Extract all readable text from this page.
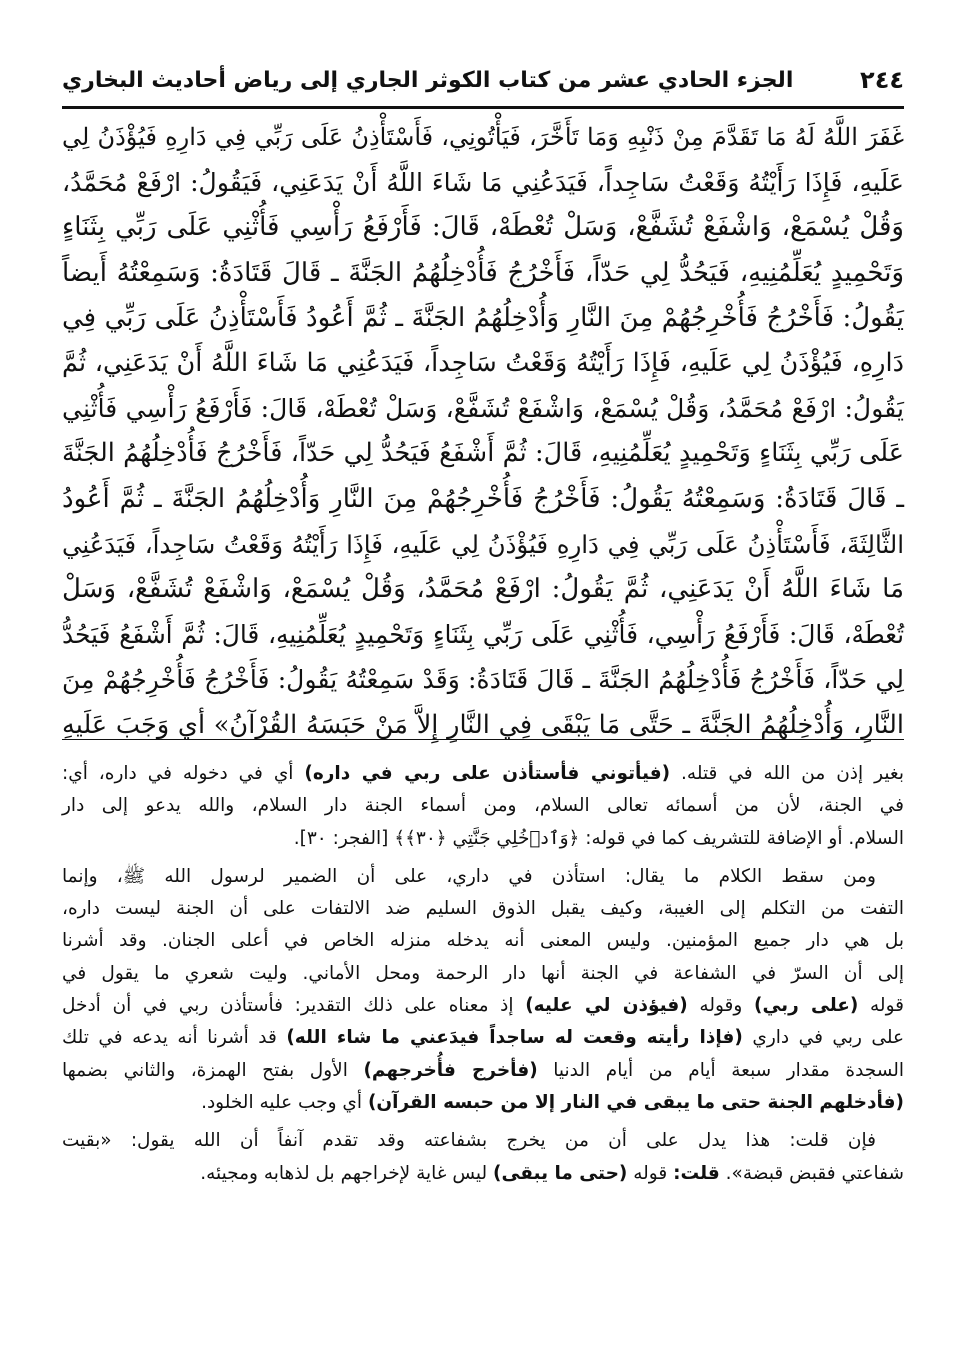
٢٤٤
الجزء الحادي عشر من كتاب الكوثر الجاري إلى رياض أحاديث البخاري
غَفَرَ اللَّهُ لَهُ مَا تَقَدَّمَ مِنْ ذَنْبِهِ وَمَا تَأَخَّرَ، فَيَأْتُونِي، فَأَسْتَأْذِنُ عَلَى رَبِّي فِي دَارِهِ فَيُؤْذَنُ لِي
عَلَيهِ، فَإِذَا رَأَيْتُهُ وَقَعْتُ سَاجِداً، فَيَدَعُنِي مَا شَاءَ اللَّهُ أَنْ يَدَعَنِي، فَيَقُولُ: ارْفَعْ مُحَمَّدُ،
وَقُلْ يُسْمَعْ، وَاشْفَعْ تُشَفَّعْ، وَسَلْ تُعْطَهْ، قَالَ: فَأَرْفَعُ رَأْسِي فَأُثْنِي عَلَى رَبِّي بِثَنَاءٍ
وَتَحْمِيدٍ يُعَلِّمُنِيهِ، فَيَحُدُّ لِي حَدّاً، فَأَخْرُجُ فَأُدْخِلُهُمُ الجَنَّةَ ـ قَالَ قَتَادَةُ: وَسَمِعْتُهُ أَيضاً
يَقُولُ: فَأَخْرُجُ فَأُخْرِجُهُمْ مِنَ النَّارِ وَأُدْخِلُهُمُ الجَنَّةَ ـ ثُمَّ أَعُودُ فَأَسْتَأْذِنُ عَلَى رَبِّي فِي
دَارِهِ، فَيُؤْذَنُ لِي عَلَيهِ، فَإِذَا رَأَيْتُهُ وَقَعْتُ سَاجِداً، فَيَدَعُنِي مَا شَاءَ اللَّهُ أَنْ يَدَعَنِي، ثُمَّ
يَقُولُ: ارْفَعْ مُحَمَّدُ، وَقُلْ يُسْمَعْ، وَاشْفَعْ تُشَفَّعْ، وَسَلْ تُعْطَهْ، قَالَ: فَأَرْفَعُ رَأْسِي فَأُثْنِي
عَلَى رَبِّي بِثَنَاءٍ وَتَحْمِيدٍ يُعَلِّمُنِيهِ، قَالَ: ثُمَّ أَشْفَعُ فَيَحُدُّ لِي حَدّاً، فَأَخْرُجُ فَأُدْخِلُهُمُ الجَنَّةَ
ـ قَالَ قَتَادَةُ: وَسَمِعْتُهُ يَقُولُ: فَأَخْرُجُ فَأُخْرِجُهُمْ مِنَ النَّارِ وَأُدْخِلُهُمُ الجَنَّةَ ـ ثُمَّ أَعُودُ
الثَّالِثَةَ، فَأَسْتَأْذِنُ عَلَى رَبِّي فِي دَارِهِ فَيُؤْذَنُ لِي عَلَيهِ، فَإِذَا رَأَيْتُهُ وَقَعْتُ سَاجِداً، فَيَدَعُنِي
مَا شَاءَ اللَّهُ أَنْ يَدَعَنِي، ثُمَّ يَقُولُ: ارْفَعْ مُحَمَّدُ، وَقُلْ يُسْمَعْ، وَاشْفَعْ تُشَفَّعْ، وَسَلْ
تُعْطَهْ، قَالَ: فَأَرْفَعُ رَأْسِي، فَأُثْنِي عَلَى رَبِّي بِثَنَاءٍ وَتَحْمِيدٍ يُعَلِّمُنِيهِ، قَالَ: ثُمَّ أَشْفَعُ فَيَحُدُّ
لِي حَدّاً، فَأَخْرُجُ فَأُدْخِلُهُمُ الجَنَّةَ ـ قَالَ قَتَادَةُ: وَقَدْ سَمِعْتُهُ يَقُولُ: فَأَخْرُجُ فَأُخْرِجُهُمْ مِنَ
النَّارِ، وَأُدْخِلُهُمُ الجَنَّةَ ـ حَتَّى مَا يَبْقَى فِي النَّارِ إِلاَّ مَنْ حَبَسَهُ القُرْآنُ» أي وَجَبَ عَلَيهِ

بغير إذن من الله في قتله. (فيأتوني فأستأذن على ربي في داره) أي في دخوله في داره، أي:
في الجنة، لأن من أسمائه تعالى السلام، ومن أسماء الجنة دار السلام، والله يدعو إلى دار
السلام. أو الإضافة للتشريف كما في قوله: ﴿وَٱدۡخُلِي جَنَّتِي ﴿٣٠﴾﴾ [الفجر: ٣٠].

ومن سقط الكلام ما يقال: استأذن في داري، على أن الضمير لرسول الله ﷺ، وإنما
التفت من التكلم إلى الغيبة، وكيف يقبل الذوق السليم ضد الالتفات على أن الجنة ليست داره،
بل هي دار جميع المؤمنين. وليس المعنى أنه يدخله منزله الخاص في أعلى الجنان. وقد أشرنا
إلى أن السرّ في الشفاعة في الجنة أنها دار الرحمة ومحل الأماني. وليت شعري ما يقول في
قوله (على ربي) وقوله (فيؤذن لي عليه) إذ معناه على ذلك التقدير: فأستأذن ربي في أن أدخل
على ربي في داري (فإذا رأيته وقعت له ساجداً فيدَعني ما شاء الله) قد أشرنا أنه يدعه في تلك
السجدة مقدار سبعة أيام من أيام الدنيا (فأخرج فأُخرجهم) الأول بفتح الهمزة، والثاني بضمها
(فأدخلهم الجنة حتى ما يبقى في النار إلا من حبسه القرآن) أي وجب عليه الخلود.

فإن قلت: هذا يدل على أن من يخرج بشفاعته وقد تقدم آنفاً أن الله يقول: «بقيت
شفاعتي فقبض قبضة». قلت: قوله (حتى ما يبقى) ليس غاية لإخراجهم بل لذهابه ومجيئه.
